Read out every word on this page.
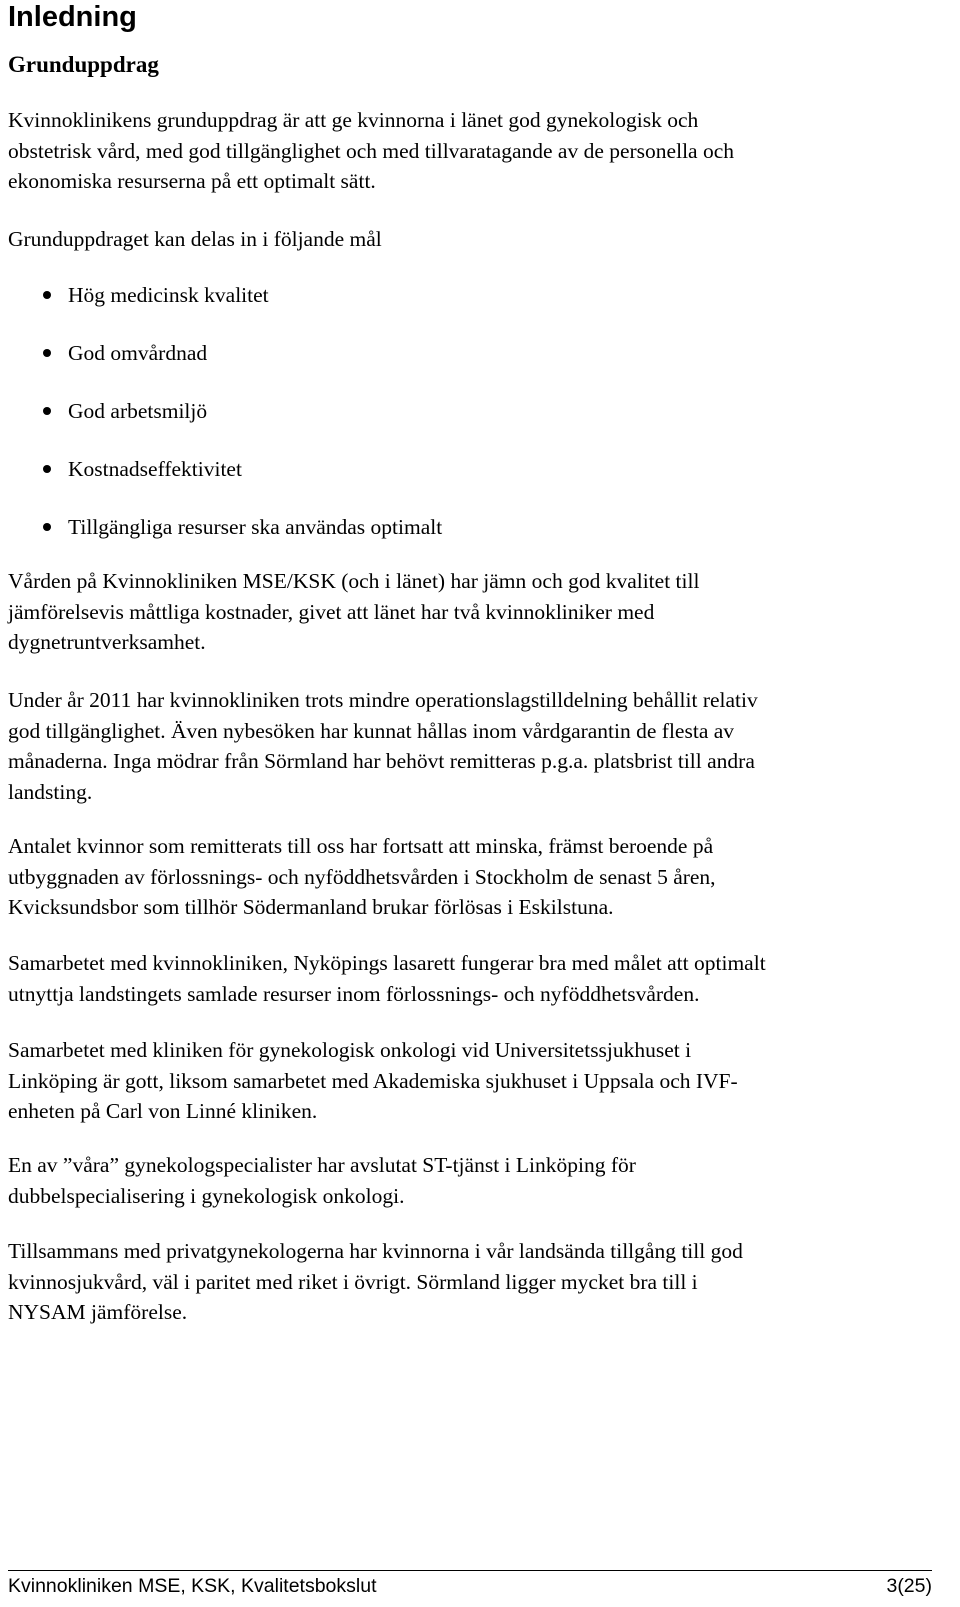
Inledning
Grunduppdrag
Kvinnoklinikens grunduppdrag är att ge kvinnorna i länet god gynekologisk och
obstetrisk vård, med god tillgänglighet och med tillvaratagande av de personella och
ekonomiska resurserna på ett optimalt sätt.
Grunduppdraget kan delas in i följande mål
Hög medicinsk kvalitet
God omvårdnad
God arbetsmiljö
Kostnadseffektivitet
Tillgängliga resurser ska användas optimalt
Vården på Kvinnokliniken MSE/KSK (och i länet) har jämn och god kvalitet till
jämförelsevis måttliga kostnader, givet att länet har två kvinnokliniker med
dygnetruntverksamhet.
Under år 2011 har kvinnokliniken trots mindre operationslagstilldelning behållit relativ
god tillgänglighet. Även nybesöken har kunnat hållas inom vårdgarantin de flesta av
månaderna. Inga mödrar från Sörmland har behövt remitteras p.g.a. platsbrist till andra
landsting.
Antalet kvinnor som remitterats till oss har fortsatt att minska, främst beroende på
utbyggnaden av förlossnings- och nyföddhetsvården i Stockholm de senast 5 åren,
Kvicksundsbor som tillhör Södermanland brukar förlösas i Eskilstuna.
Samarbetet med kvinnokliniken, Nyköpings lasarett fungerar bra med målet att optimalt
utnyttja landstingets samlade resurser inom förlossnings- och nyföddhetsvården.
Samarbetet med kliniken för gynekologisk onkologi vid Universitetssjukhuset i
Linköping är gott, liksom samarbetet med Akademiska sjukhuset i Uppsala och IVF-
enheten på Carl von Linné kliniken.
En av ”våra” gynekologspecialister har avslutat ST-tjänst i Linköping för
dubbelspecialisering i gynekologisk onkologi.
Tillsammans med privatgynekologerna har kvinnorna i vår landsända tillgång till god
kvinnosjukvård, väl i paritet med riket i övrigt. Sörmland ligger mycket bra till i
NYSAM jämförelse.
Kvinnokliniken MSE, KSK, Kvalitetsbokslut	3(25)
